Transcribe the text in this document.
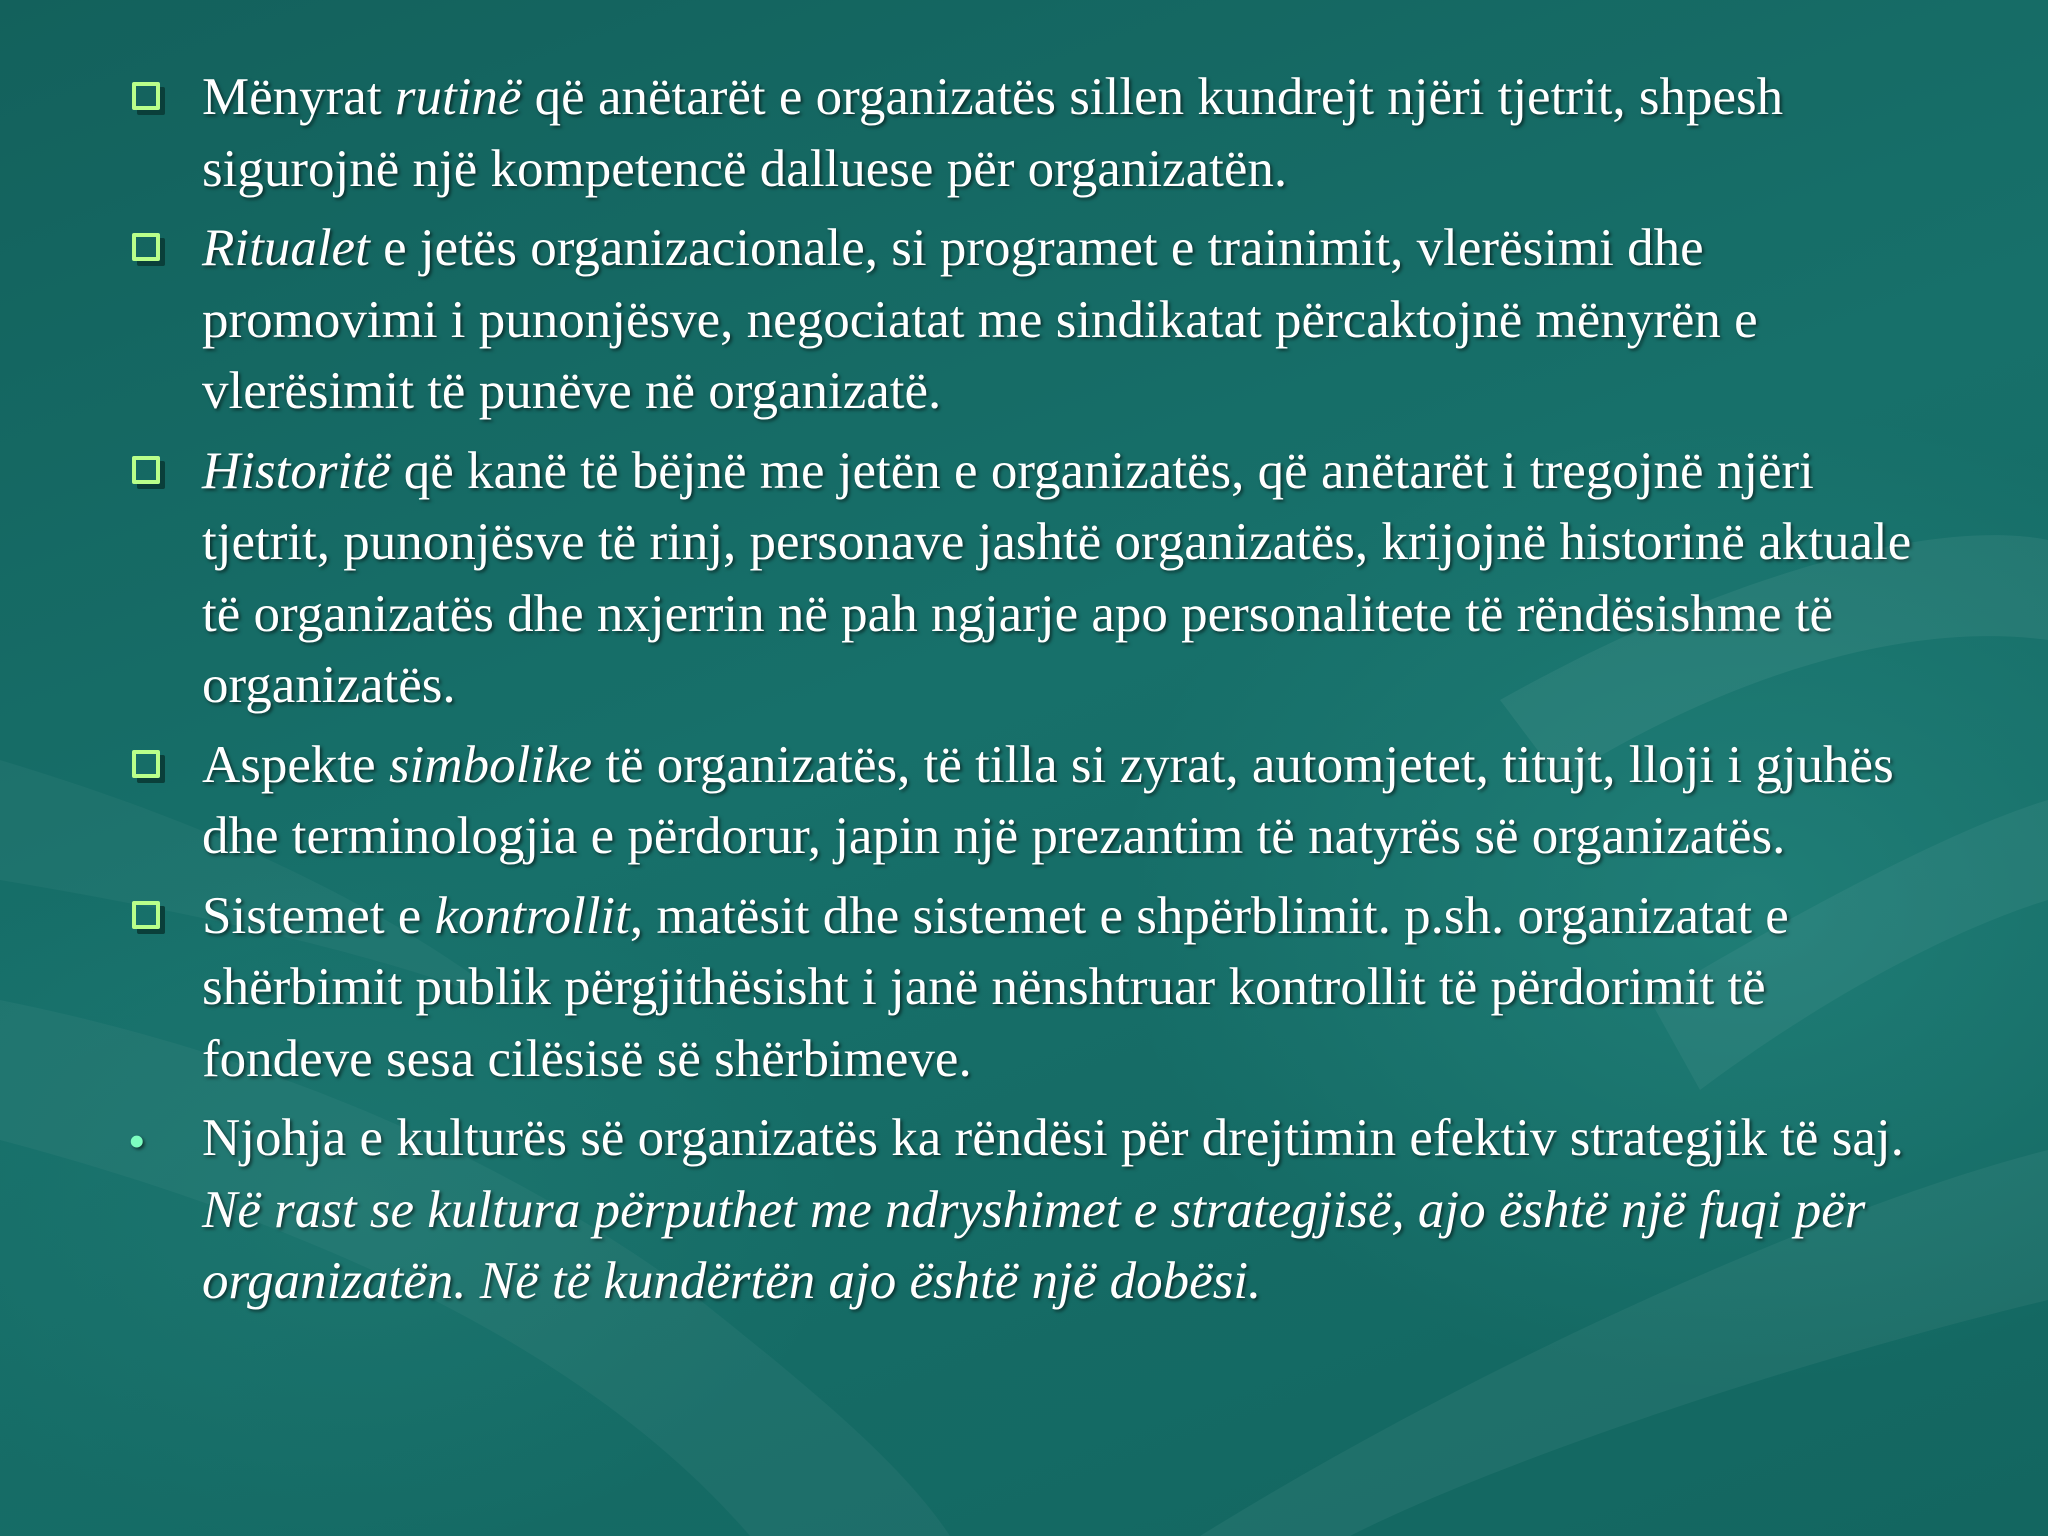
Mënyrat rutinë që anëtarët e organizatës sillen kundrejt njëri tjetrit, shpesh sigurojnë një kompetencë dalluese për organizatën.
Ritualet e jetës organizacionale, si programet e trainimit, vlerësimi dhe promovimi i punonjësve, negociatat me sindikatat përcaktojnë mënyrën e vlerësimit të punëve në organizatë.
Historitë që kanë të bëjnë me jetën e organizatës, që anëtarët i tregojnë njëri tjetrit, punonjësve të rinj, personave jashtë organizatës, krijojnë historinë aktuale të organizatës dhe nxjerrin në pah ngjarje apo personalitete të rëndësishme të organizatës.
Aspekte simbolike të organizatës, të tilla si zyrat, automjetet, titujt, lloji i gjuhës dhe terminologjia e përdorur, japin një prezantim të natyrës së organizatës.
Sistemet e kontrollit, matësit dhe sistemet e shpërblimit. p.sh. organizatat e shërbimit publik përgjithësisht i janë nënshtruar kontrollit të përdorimit të fondeve sesa cilësisë së shërbimeve.
• Njohja e kulturës së organizatës ka rëndësi për drejtimin efektiv strategjik të saj. Në rast se kultura përputhet me ndryshimet e strategjisë, ajo është një fuqi për organizatën. Në të kundërtën ajo është një dobësi.
